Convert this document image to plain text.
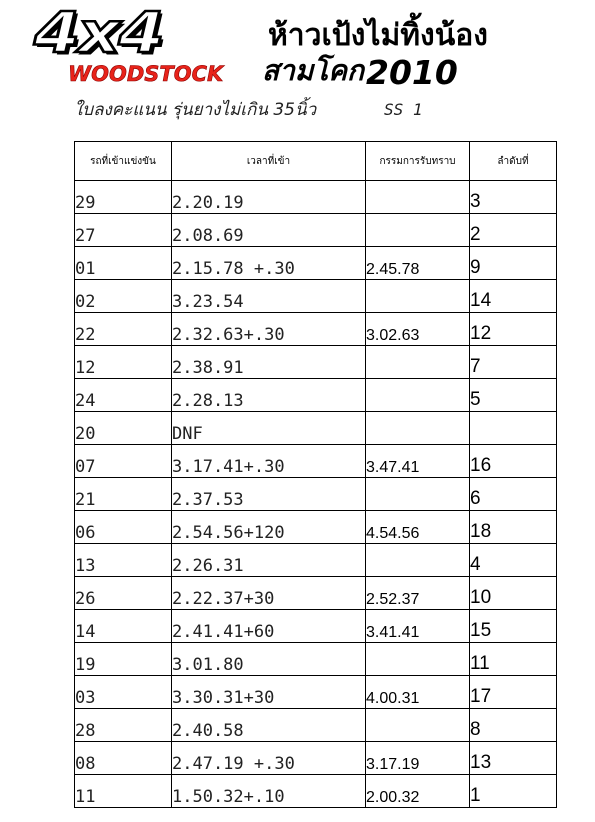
4x4
WOODSTOCK
ห้าวเป้งไม่ทิ้งน้อง
สามโคก 2010
ใบลงคะแนน รุ่นยางไม่เกิน 35นิ้ว	SS 1
รถที่เข้าแข่งขัน	เวลาที่เข้า	กรรมการรับทราบ	ลำดับที่
29	2.20.19		3
27	2.08.69		2
01	2.15.78 +.30	2.45.78	9
02	3.23.54		14
22	2.32.63+.30	3.02.63	12
12	2.38.91		7
24	2.28.13		5
20	DNF		
07	3.17.41+.30	3.47.41	16
21	2.37.53		6
06	2.54.56+120	4.54.56	18
13	2.26.31		4
26	2.22.37+30	2.52.37	10
14	2.41.41+60	3.41.41	15
19	3.01.80		11
03	3.30.31+30	4.00.31	17
28	2.40.58		8
08	2.47.19 +.30	3.17.19	13
11	1.50.32+.10	2.00.32	1
